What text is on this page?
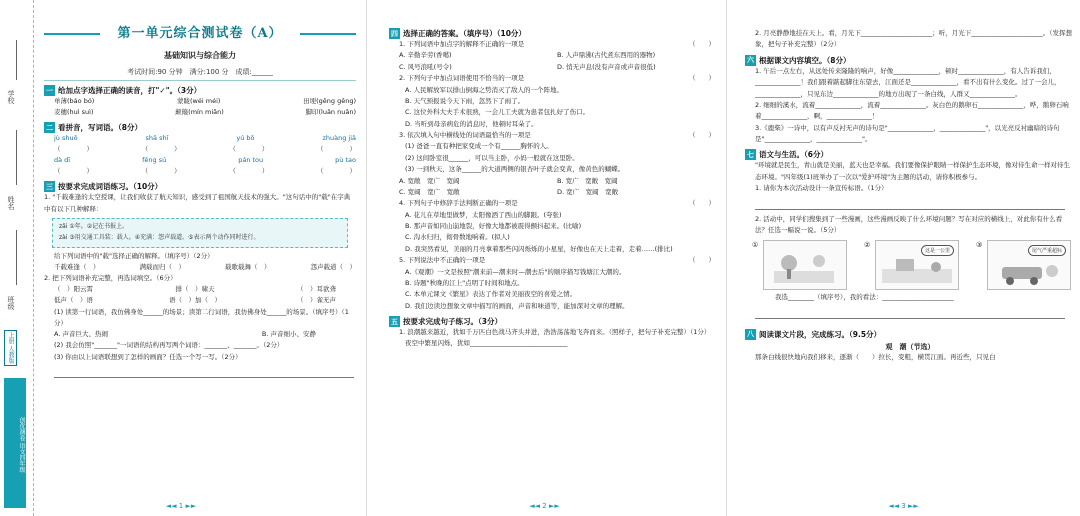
学校
姓名
班级
上册 人教版
创优测卷 语文四年级
第一单元综合测试卷（A）
基础知识与综合能力
考试时间:90 分钟　满分:100 分　成绩:______
一 给加点字选择正确的读音，打"✓"。（3分）
单薄(báo bó)	蒙眬(wéi méi)	田埂(gēng gěng)
麦穗(huì suì)	颠簸(mín miǎn)	脚印(luǎn nuǎn)
二 看拼音，写词语。（8分）
jù shuō	shā shī	yú bō	zhuàng jiā
（　　　　）	（　　　　）	（　　　　）	（　　　　）
dà dī	fēng sú	pán tou	pù tao
（　　　　）	（　　　　）	（　　　　）	（　　　　）
三 按要求完成词语练习。（10分）
1. "千载难逢的太空授课，让我们收获了航天知识，感受到了祖国航天技术的强大。"这句话中的"载"在字典中有以下几种解释：
zǎi ①年。②记在书报上。
zài ③用交通工具装：载人。④充满：怨声载道。⑤表示两个动作同时进行。
给下列词语中的"载"选择正确的解释。（填序号）（2分）
千载难逢（　）	满载而归（　）	载歌载舞（　）	怨声载道（　）
2. 把下列词语补充完整，再选词填空。（6分）
（　）阳云霄	排（　）啸天	（　）耳欲聋
低声（　）语	语（　）加（　）	（　）雀无声
(1) 读第一行词语，我仿佛身处______的场景；读第二行词语，我仿佛身处______的场景。（填序号）（1分）
A. 声音巨大、热闹	B. 声音细小、安静
(2) 我会仿照"_______"一词语的结构再写两个词语：_______、_______。（2分）
(3) 你由以上词语联想到了怎样的画面？任选一个写一写。（2分）
◄◄ 1 ►►
四 选择正确的答案。（填序号）（10分）
1. 下列词语中加点字的解释不正确的一项是	（　　）
A. 辛勤辛劳(香噶)	B. 人声鼎沸(古代煮东西用的器物)
C. 风号浪吼(号令)	D. 悄无声息(没有声音或声音很低)
2. 下列句子中加点词语使用不恰当的一项是	（　　）
A. 人民解放军以排山倒海之势消灭了敌人的一个阵地。
B. 天气预报说今天下雨，忽然下了雨了。
C. 这位外科大夫手术很熟，一会儿工夫就为患者包扎好了伤口。
D. 当听到母亲病危的消息时，他顿时耳朵了。
3. 依次填入句中横线处的词语最恰当的一项是	（　　）
(1) 爸爸一直有种把家变成一个有______胸怀的人。
(2) 这间卧室很______，可以当主卧，小妈一般就在这里卧。
(3) 一到秋天，这条______的大道两侧的银杏叶子就会变黄，像黄色的蝴蝶。
A. 宽敞　宽广　宽阔	B. 宽广　宽敞　宽阔
C. 宽阔　宽广　宽敞	D. 宽广　宽阔　宽敞
4. 下列句子中修辞手法判断正确的一项是	（　　）
A. 花儿在草地里做梦，太阳像洒了西山的脚跟。(夸张)
B. 那声音如同山崩地裂，好像大地都被震得颤抖起来。(比喻)
C. 沟水归归，彻骨数地响着。(拟人)
D. 我突然看见，美丽的月亮拿着那些闪闪烁烁的小星星，好像也在天上走着，走着……(排比)
5. 下列说法中不正确的一项是	（　　）
A.《观潮》一文是按照"潮来前—潮来时—潮去后"的顺序描写钱塘江大潮的。
B. 诗题"秋晚的江上"点明了时间和地点。
C. 本单元课文《繁星》表达了作者对美丽夜空的喜爱之情。
D. 我们边读边想象文章中描写的画面，声音和味道等，能加深对文章的理解。
五 按要求完成句子练习。（3分）
1. 浪潮越来越近，犹如千万匹白色战马齐头并进，浩浩荡荡地飞奔而来。（照样子，把句子补充完整）（1分）
夜空中繁星闪烁，犹如______________________________
◄◄ 2 ►►
2. 月亮静静地挂在天上。看，月光下______________________；听，月光下______________________。（发挥想象，把句子补充完整）（2分）
六 根据课文内容填空。（8分）
1. 午后一点左右，从远处传来隆隆的响声，好像______________，顿时______________，有人告诉我们，______________！我们跟着踮起脚往东望去，江面还是______________，看不出有什么变化。过了一会儿，______________，只见东边______________的地方出现了一条白线，人群又______________。
2. 细细的溪水，流着______________，流着______________。灰白色的鹅卵石______________，哗，鹅卵石响着______________，啊，______________！
3.《鹿柴》一诗中，以有声反衬无声的诗句是"______________，______________"，以光亮反衬幽暗的诗句是"______________，______________"。
七 语文与生活。（6分）
"环境就是民生，青山就是美丽，蓝天也是幸福。我们要像保护眼睛一样保护生态环境，像对待生命一样对待生态环境。"四年级(1)班举办了一次以"爱护环境"为主题的活动，请你积极参与。
1. 请你为本次活动设计一条宣传标语。（1分）
2. 活动中，同学们搜集到了一些漫画，这些漫画反映了什么环境问题？写在对应的横线上，对此你有什么看法？任选一幅说一说。（5分）
①	②
这是一公里
③
尾气严重超标
我选________（填序号），我的看法：______________________
八 阅读课文片段，完成练习。（9.5分）
观　潮（节选）
那条白线很快地向我们移来，逐渐（　　）拉长，变粗，横贯江面。再近些，只见白
◄◄ 3 ►►
